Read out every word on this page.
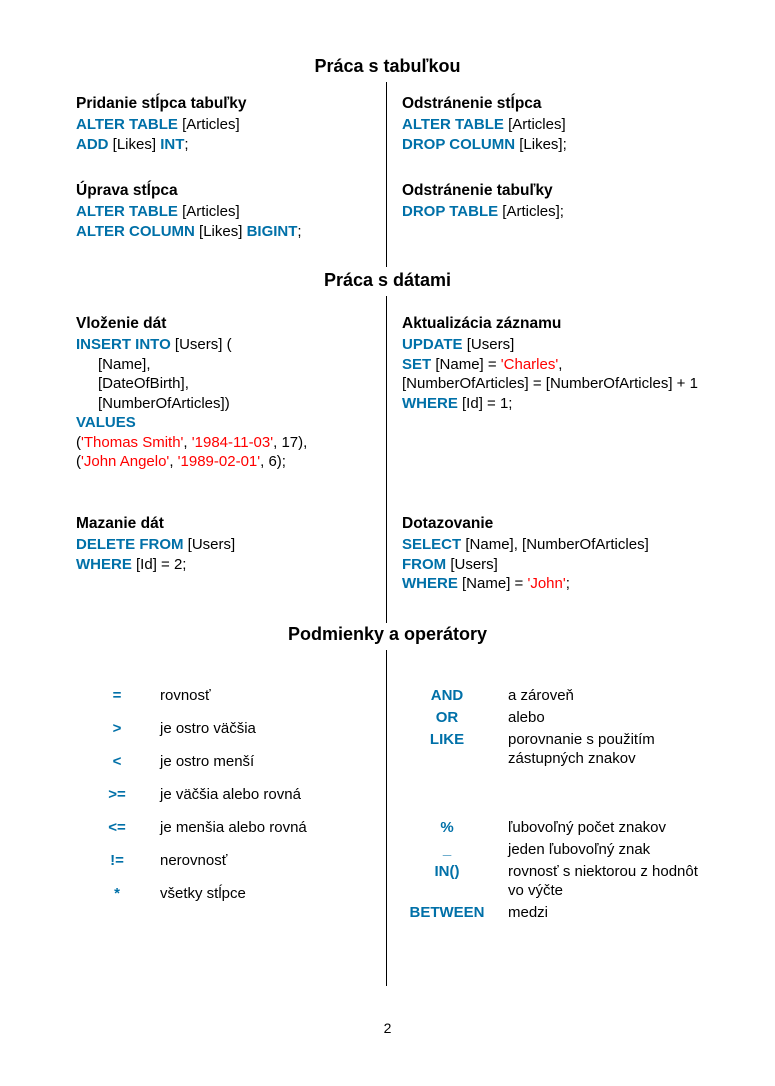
Práca s tabuľkou
Pridanie stĺpca tabuľky
ALTER TABLE [Articles]
ADD [Likes] INT;
Odstránenie stĺpca
ALTER TABLE [Articles]
DROP COLUMN [Likes];
Úprava stĺpca
ALTER TABLE [Articles]
ALTER COLUMN [Likes] BIGINT;
Odstránenie tabuľky
DROP TABLE [Articles];
Práca s dátami
Vloženie dát
INSERT INTO [Users] (
[Name],
[DateOfBirth],
[NumberOfArticles])
VALUES
('Thomas Smith', '1984-11-03', 17),
('John Angelo', '1989-02-01', 6);
Aktualizácia záznamu
UPDATE [Users]
SET [Name] = 'Charles',
[NumberOfArticles] = [NumberOfArticles] + 1
WHERE [Id] = 1;
Mazanie dát
DELETE FROM [Users]
WHERE [Id] = 2;
Dotazovanie
SELECT [Name], [NumberOfArticles]
FROM [Users]
WHERE [Name] = 'John';
Podmienky a operátory
=	rovnosť
>	je ostro väčšia
<	je ostro menší
>=	je väčšia alebo rovná
<=	je menšia alebo rovná
!=	nerovnosť
*	všetky stĺpce
AND	a zároveň
OR	alebo
LIKE	porovnanie s použitím zástupných znakov
%	ľubovoľný počet znakov
_	jeden ľubovoľný znak
IN()	rovnosť s niektorou z hodnôt vo výčte
BETWEEN	medzi
2
